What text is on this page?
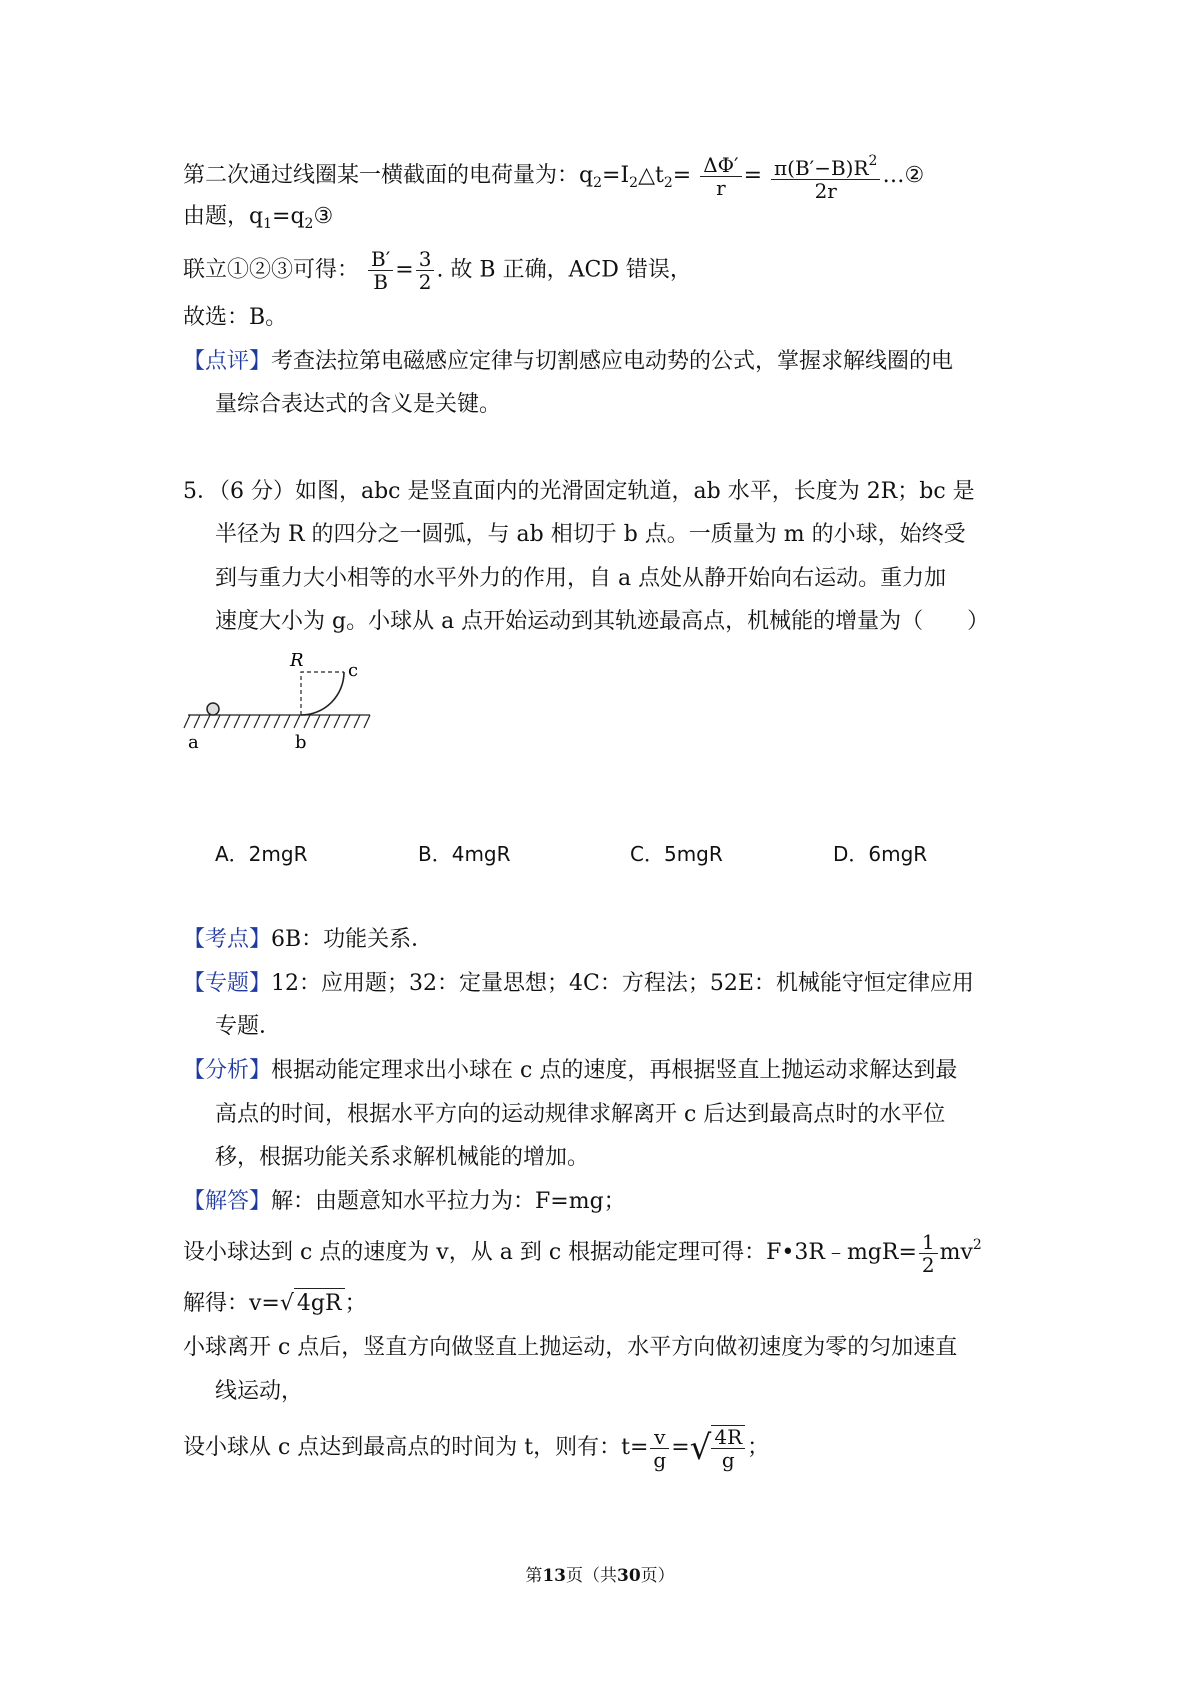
第二次通过线圈某一横截面的电荷量为：$q_2=I_2\triangle t_2= \frac{\Delta\Phi'}{r} = \frac{\pi(B'-B)R^2}{2r}$ …②
由题，$q_1=q_2③$
联立①②③可得： $\frac{B'}{B} = \frac{3}{2}$ . 故 B 正确，ACD 错误，
故选：B。
【点评】考查法拉第电磁感应定律与切割感应电动势的公式，掌握求解线圈的电
量综合表达式的含义是关键。
5．（6 分）如图，abc 是竖直面内的光滑固定轨道，ab 水平，长度为 2R；bc 是
半径为 R 的四分之一圆弧，与 ab 相切于 b 点。一质量为 m 的小球，始终受
到与重力大小相等的水平外力的作用，自 a 点处从静开始向右运动。重力加
速度大小为 g。小球从 a 点开始运动到其轨迹最高点，机械能的增量为（　　）
R c
a	b
A．2mgR	B．4mgR	C．5mgR	D．6mgR
【考点】6B：功能关系．
【专题】12：应用题；32：定量思想；4C：方程法；52E：机械能守恒定律应用
专题．
【分析】根据动能定理求出小球在 c 点的速度，再根据竖直上抛运动求解达到最
高点的时间，根据水平方向的运动规律求解离开 c 后达到最高点时的水平位
移，根据功能关系求解机械能的增加。
【解答】解：由题意知水平拉力为：F=mg；
设小球达到 c 点的速度为 v，从 a 到 c 根据动能定理可得：F•3R﹣mgR= $\frac{1}{2} mv^2$
解得：v=√ 4gR ；
小球离开 c 点后，竖直方向做竖直上抛运动，水平方向做初速度为零的匀加速直
线运动，
设小球从 c 点达到最高点的时间为 t，则有：$t= \frac{v}{g}$ =√ $\frac{4R}{g}$ ；
第13页（共30页）
